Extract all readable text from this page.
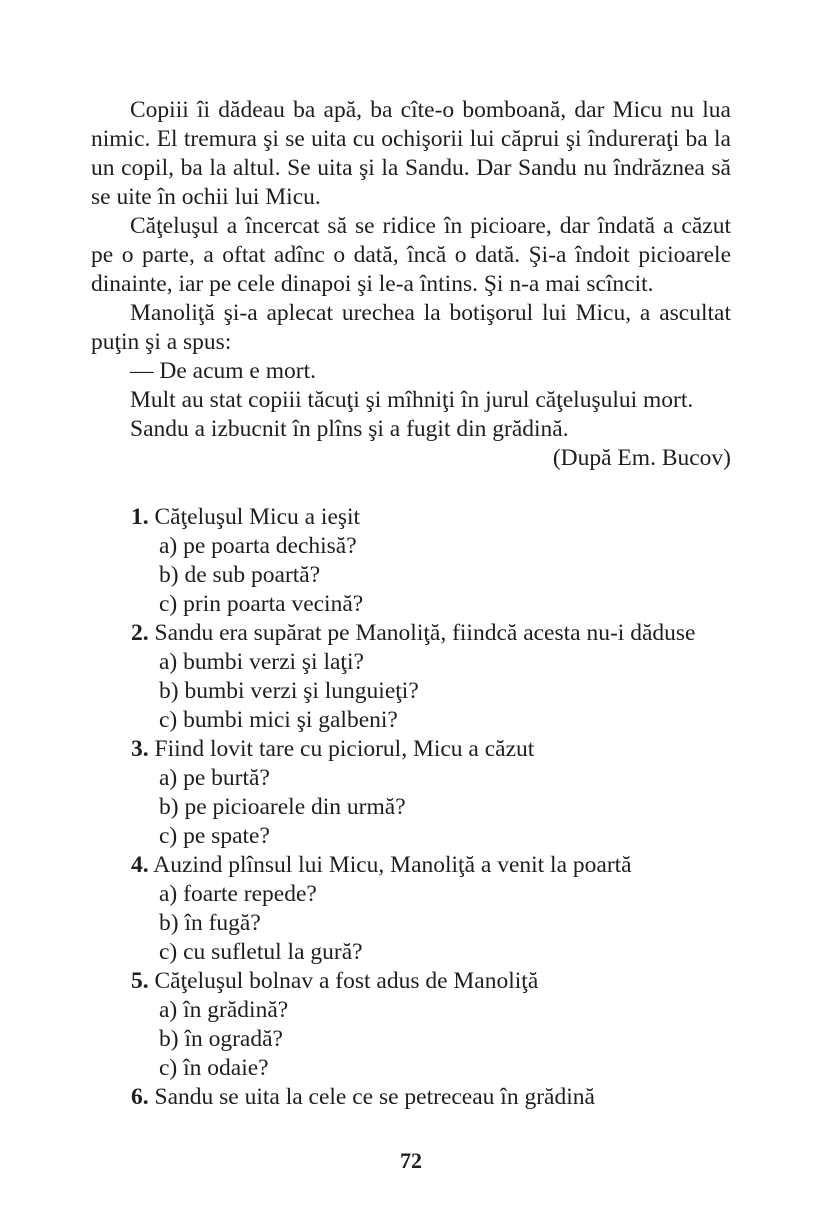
Copiii îi dădeau ba apă, ba cîte-o bomboană, dar Micu nu lua nimic. El tremura şi se uita cu ochişorii lui căprui şi îndureraţi ba la un copil, ba la altul. Se uita şi la Sandu. Dar Sandu nu îndrăznea să se uite în ochii lui Micu.

Căţeluşul a încercat să se ridice în picioare, dar îndată a căzut pe o parte, a oftat adînc o dată, încă o dată. Şi-a îndoit picioarele dinainte, iar pe cele dinapoi şi le-a întins. Şi n-a mai scîncit.

Manoliţă şi-a aplecat urechea la botişorul lui Micu, a ascultat puţin şi a spus:

— De acum e mort.

Mult au stat copiii tăcuţi şi mîhniţi în jurul căţeluşului mort.

Sandu a izbucnit în plîns şi a fugit din grădină.

(După Em. Bucov)

1. Căţeluşul Micu a ieşit

a) pe poarta dechisă?

b) de sub poartă?

c) prin poarta vecină?

2. Sandu era supărat pe Manoliţă, fiindcă acesta nu-i dăduse

a) bumbi verzi şi laţi?

b) bumbi verzi şi lunguieţi?

c) bumbi mici şi galbeni?

3. Fiind lovit tare cu piciorul, Micu a căzut

a) pe burtă?

b) pe picioarele din urmă?

c) pe spate?

4. Auzind plînsul lui Micu, Manoliţă a venit la poartă

a) foarte repede?

b) în fugă?

c) cu sufletul la gură?

5. Căţeluşul bolnav a fost adus de Manoliţă

a) în grădină?

b) în ogradă?

c) în odaie?

6. Sandu se uita la cele ce se petreceau în grădină

72
